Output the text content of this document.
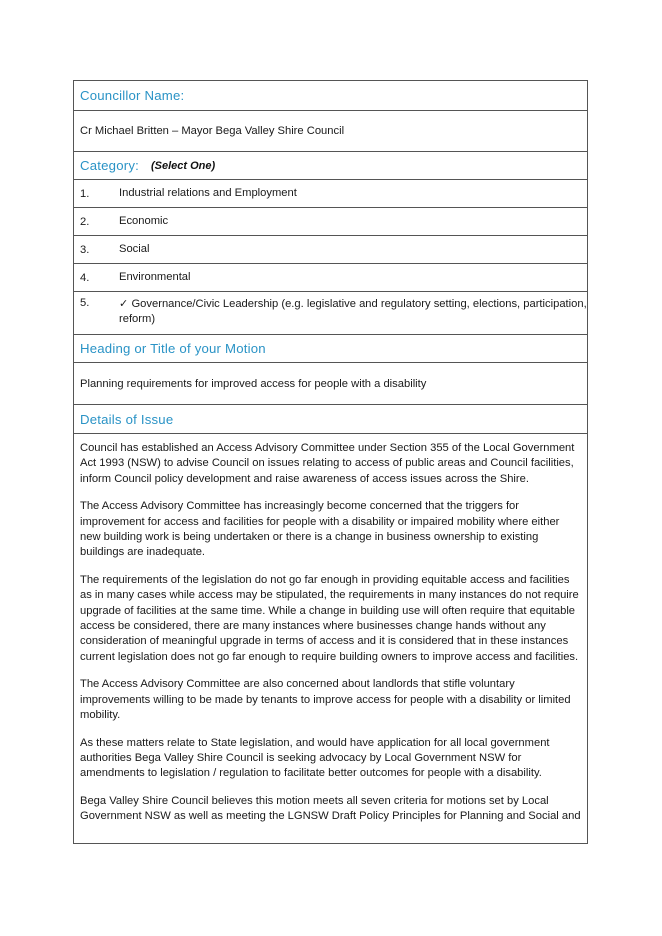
Councillor Name:
Cr Michael Britten – Mayor Bega Valley Shire Council
Category: (Select One)
1.	Industrial relations and Employment
2.	Economic
3.	Social
4.	Environmental
5.	✓ Governance/Civic Leadership (e.g. legislative and regulatory setting, elections, participation, reform)
Heading or Title of your Motion
Planning requirements for improved access for people with a disability
Details of Issue

Council has established an Access Advisory Committee under Section 355 of the Local Government Act 1993 (NSW) to advise Council on issues relating to access of public areas and Council facilities, inform Council policy development and raise awareness of access issues across the Shire.

The Access Advisory Committee has increasingly become concerned that the triggers for improvement for access and facilities for people with a disability or impaired mobility where either new building work is being undertaken or there is a change in business ownership to existing buildings are inadequate.

The requirements of the legislation do not go far enough in providing equitable access and facilities as in many cases while access may be stipulated, the requirements in many instances do not require upgrade of facilities at the same time. While a change in building use will often require that equitable access be considered, there are many instances where businesses change hands without any consideration of meaningful upgrade in terms of access and it is considered that in these instances current legislation does not go far enough to require building owners to improve access and facilities.

The Access Advisory Committee are also concerned about landlords that stifle voluntary improvements willing to be made by tenants to improve access for people with a disability or limited mobility.

As these matters relate to State legislation, and would have application for all local government authorities Bega Valley Shire Council is seeking advocacy by Local Government NSW for amendments to legislation / regulation to facilitate better outcomes for people with a disability.

Bega Valley Shire Council believes this motion meets all seven criteria for motions set by Local Government NSW as well as meeting the LGNSW Draft Policy Principles for Planning and Social and
